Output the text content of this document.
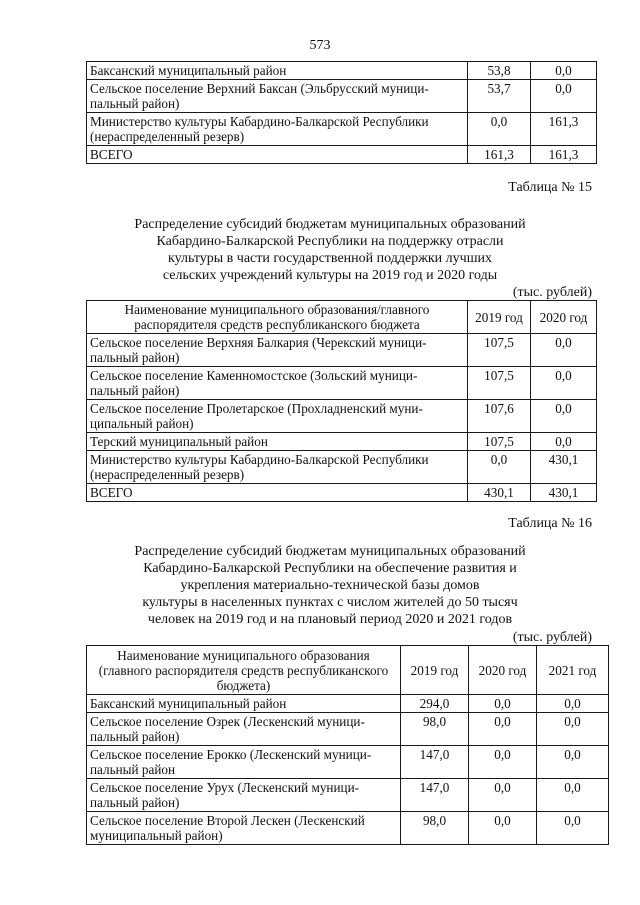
573
Баксанский муниципальный район	53,8	0,0
Сельское поселение Верхний Баксан (Эльбрусский муници-пальный район)	53,7	0,0
Министерство культуры Кабардино-Балкарской Республики (нераспределенный резерв)	0,0	161,3
ВСЕГО	161,3	161,3
Таблица № 15
Распределение субсидий бюджетам муниципальных образований
Кабардино-Балкарской Республики на поддержку отрасли
культуры в части государственной поддержки лучших
сельских учреждений культуры на 2019 год и 2020 годы
(тыс. рублей)
Наименование муниципального образования/главного распорядителя средств республиканского бюджета	2019 год	2020 год
Сельское поселение Верхняя Балкария (Черекский муници-пальный район)	107,5	0,0
Сельское поселение Каменномостское (Зольский муници-пальный район)	107,5	0,0
Сельское поселение Пролетарское (Прохладненский муни-ципальный район)	107,6	0,0
Терский муниципальный район	107,5	0,0
Министерство культуры Кабардино-Балкарской Республики (нераспределенный резерв)	0,0	430,1
ВСЕГО	430,1	430,1
Таблица № 16
Распределение субсидий бюджетам муниципальных образований
Кабардино-Балкарской Республики на обеспечение развития и
укрепления материально-технической базы домов
культуры в населенных пунктах с числом жителей до 50 тысяч
человек на 2019 год и на плановый период 2020 и 2021 годов
(тыс. рублей)
Наименование муниципального образования (главного распорядителя средств республиканского бюджета)	2019 год	2020 год	2021 год
Баксанский муниципальный район	294,0	0,0	0,0
Сельское поселение Озрек (Лескенский муници-пальный район)	98,0	0,0	0,0
Сельское поселение Ерокко (Лескенский муници-пальный район	147,0	0,0	0,0
Сельское поселение Урух (Лескенский муници-пальный район)	147,0	0,0	0,0
Сельское поселение Второй Лескен (Лескенский муниципальный район)	98,0	0,0	0,0
